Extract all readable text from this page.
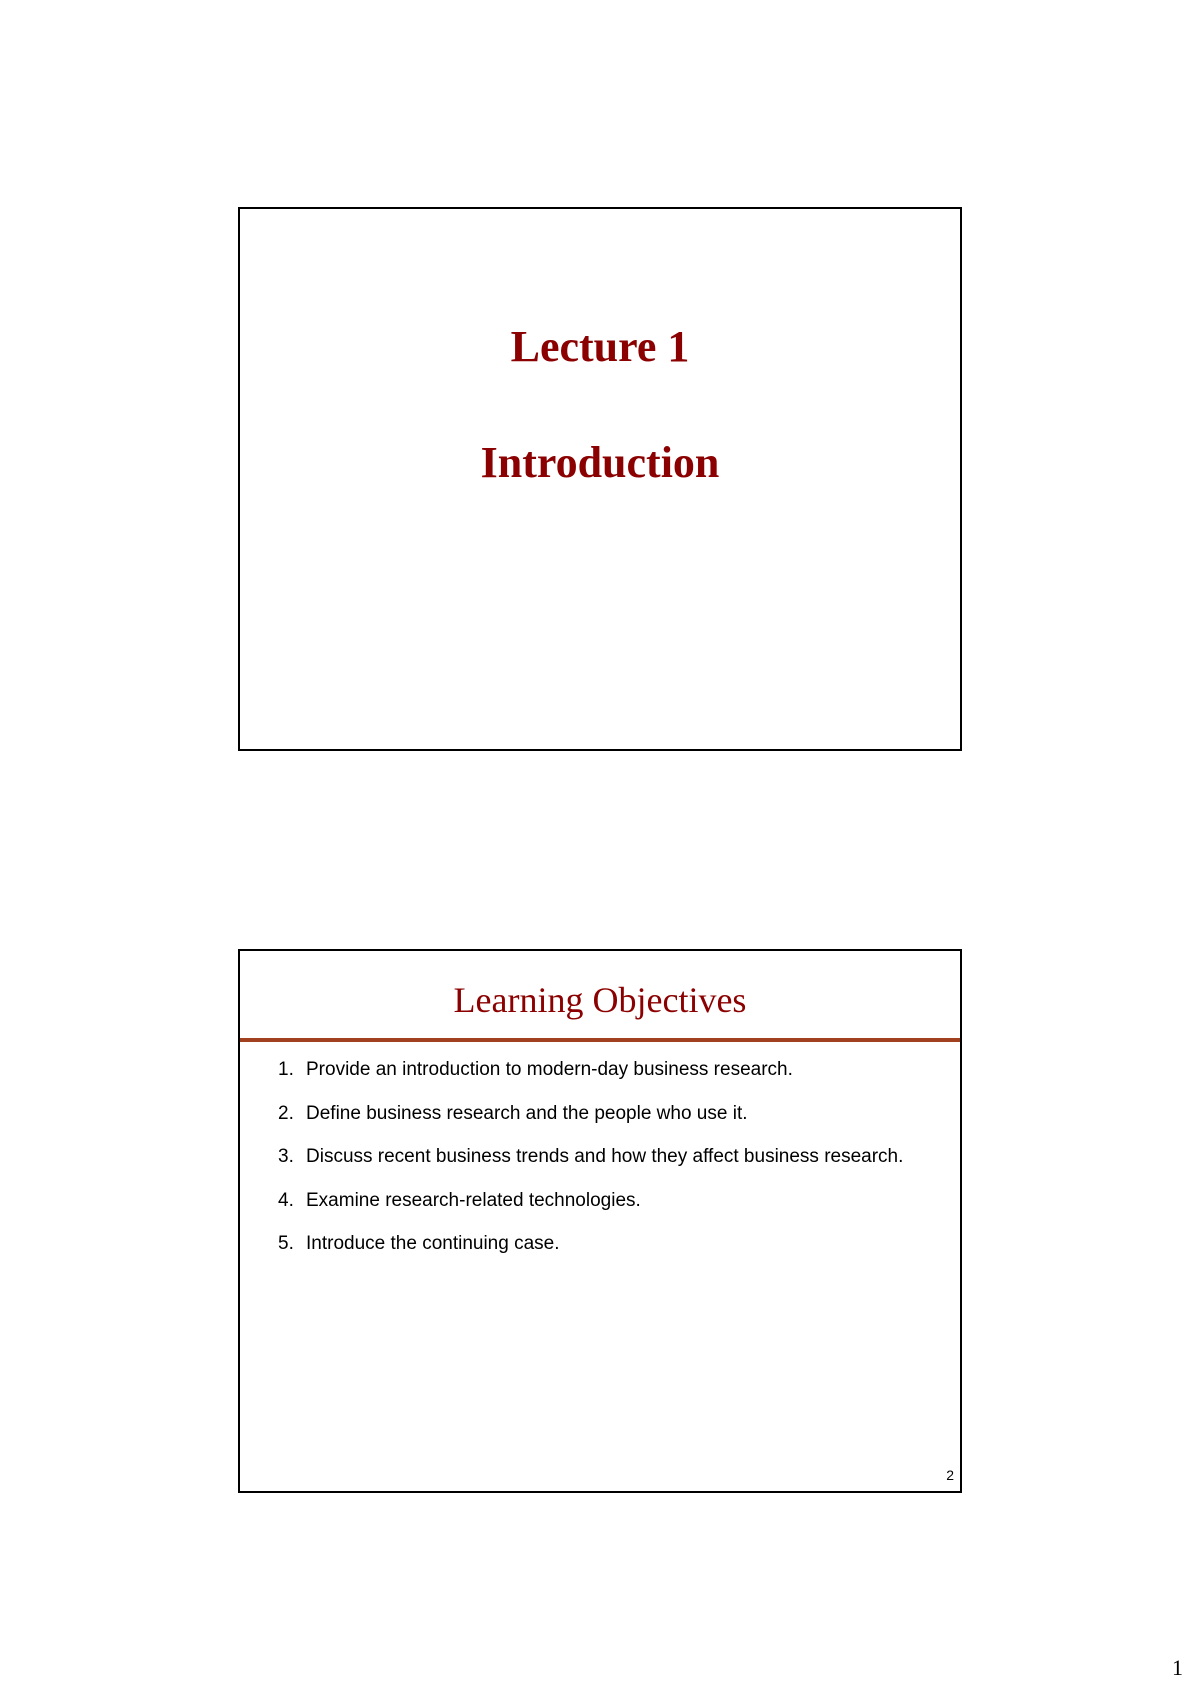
Lecture 1
Introduction
Learning Objectives
1. Provide an introduction to modern-day business research.
2. Define business research and the people who use it.
3. Discuss recent business trends and how they affect business research.
4. Examine research-related technologies.
5. Introduce the continuing case.
2
1
